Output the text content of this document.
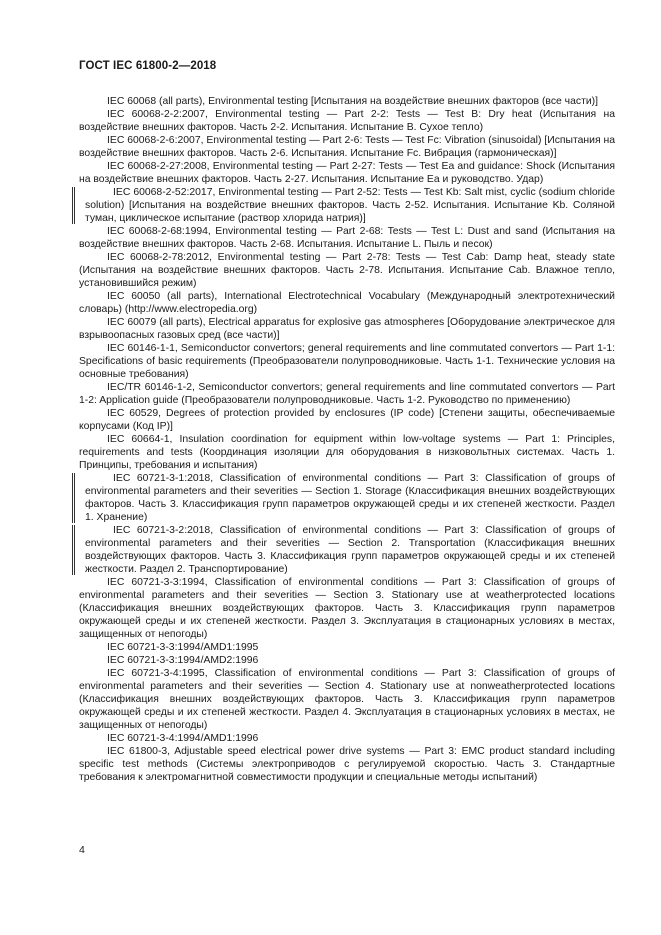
ГОСТ IEC 61800-2—2018

IEC 60068 (all parts), Environmental testing [Испытания на воздействие внешних факторов (все части)]

IEC 60068-2-2:2007, Environmental testing — Part 2-2: Tests — Test B: Dry heat (Испытания на воздействие внешних факторов. Часть 2-2. Испытания. Испытание В. Сухое тепло)

IEC 60068-2-6:2007, Environmental testing — Part 2-6: Tests — Test Fc: Vibration (sinusoidal) [Испытания на воздействие внешних факторов. Часть 2-6. Испытания. Испытание Fc. Вибрация (гармоническая)]

IEC 60068-2-27:2008, Environmental testing — Part 2-27: Tests — Test Ea and guidance: Shock (Испытания на воздействие внешних факторов. Часть 2-27. Испытания. Испытание Еа и руководство. Удар)

IEC 60068-2-52:2017, Environmental testing — Part 2-52: Tests — Test Kb: Salt mist, cyclic (sodium chloride solution) [Испытания на воздействие внешних факторов. Часть 2-52. Испытания. Испытание Kb. Соляной туман, циклическое испытание (раствор хлорида натрия)]

IEC 60068-2-68:1994, Environmental testing — Part 2-68: Tests — Test L: Dust and sand (Испытания на воздействие внешних факторов. Часть 2-68. Испытания. Испытание L. Пыль и песок)

IEC 60068-2-78:2012, Environmental testing — Part 2-78: Tests — Test Cab: Damp heat, steady state (Испытания на воздействие внешних факторов. Часть 2-78. Испытания. Испытание Cab. Влажное тепло, установившийся режим)

IEC 60050 (all parts), International Electrotechnical Vocabulary (Международный электротехнический словарь) (http://www.electropedia.org)

IEC 60079 (all parts), Electrical apparatus for explosive gas atmospheres [Оборудование электрическое для взрывоопасных газовых сред (все части)]

IEC 60146-1-1, Semiconductor convertors; general requirements and line commutated convertors — Part 1-1: Specifications of basic requirements (Преобразователи полупроводниковые. Часть 1-1. Технические условия на основные требования)

IEC/TR 60146-1-2, Semiconductor convertors; general requirements and line commutated convertors — Part 1-2: Application guide (Преобразователи полупроводниковые. Часть 1-2. Руководство по применению)

IEC 60529, Degrees of protection provided by enclosures (IP code) [Степени защиты, обеспечиваемые корпусами (Код IP)]

IEC 60664-1, Insulation coordination for equipment within low-voltage systems — Part 1: Principles, requirements and tests (Координация изоляции для оборудования в низковольтных системах. Часть 1. Принципы, требования и испытания)

IEC 60721-3-1:2018, Classification of environmental conditions — Part 3: Classification of groups of environmental parameters and their severities — Section 1. Storage (Классификация внешних воздействующих факторов. Часть 3. Классификация групп параметров окружающей среды и их степеней жесткости. Раздел 1. Хранение)

IEC 60721-3-2:2018, Classification of environmental conditions — Part 3: Classification of groups of environmental parameters and their severities — Section 2. Transportation (Классификация внешних воздействующих факторов. Часть 3. Классификация групп параметров окружающей среды и их степеней жесткости. Раздел 2. Транспортирование)

IEC 60721-3-3:1994, Classification of environmental conditions — Part 3: Classification of groups of environmental parameters and their severities — Section 3. Stationary use at weatherprotected locations (Классификация внешних воздействующих факторов. Часть 3. Классификация групп параметров окружающей среды и их степеней жесткости. Раздел 3. Эксплуатация в стационарных условиях в местах, защищенных от непогоды)

IEC 60721-3-3:1994/AMD1:1995

IEC 60721-3-3:1994/AMD2:1996

IEC 60721-3-4:1995, Classification of environmental conditions — Part 3: Classification of groups of environmental parameters and their severities — Section 4. Stationary use at nonweatherprotected locations (Классификация внешних воздействующих факторов. Часть 3. Классификация групп параметров окружающей среды и их степеней жесткости. Раздел 4. Эксплуатация в стационарных условиях в местах, не защищенных от непогоды)

IEC 60721-3-4:1994/AMD1:1996

IEC 61800-3, Adjustable speed electrical power drive systems — Part 3: EMC product standard including specific test methods (Системы электроприводов с регулируемой скоростью. Часть 3. Стандартные требования к электромагнитной совместимости продукции и специальные методы испытаний)

4
